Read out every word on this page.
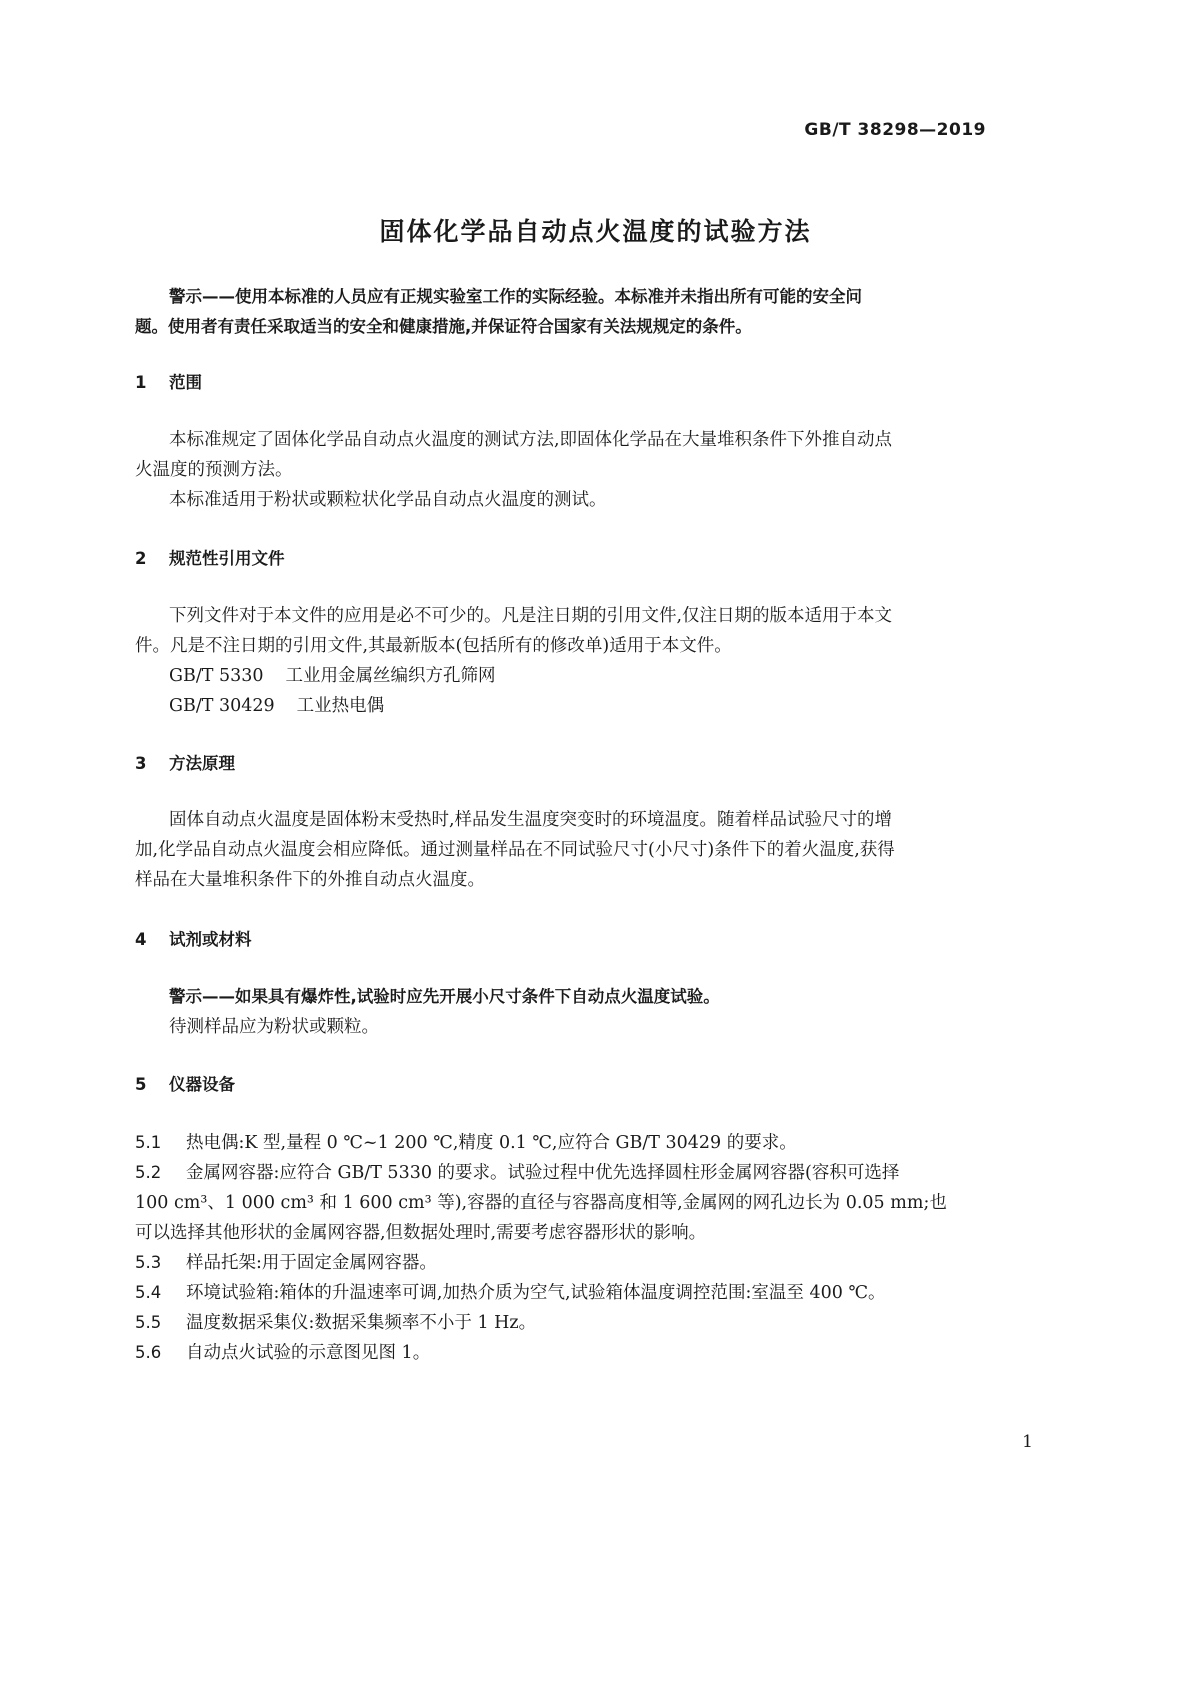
GB/T 38298—2019
固体化学品自动点火温度的试验方法

警示——使用本标准的人员应有正规实验室工作的实际经验。本标准并未指出所有可能的安全问

题。使用者有责任采取适当的安全和健康措施,并保证符合国家有关法规规定的条件。

1 范围

本标准规定了固体化学品自动点火温度的测试方法,即固体化学品在大量堆积条件下外推自动点

火温度的预测方法。

本标准适用于粉状或颗粒状化学品自动点火温度的测试。

2 规范性引用文件

下列文件对于本文件的应用是必不可少的。凡是注日期的引用文件,仅注日期的版本适用于本文

件。凡是不注日期的引用文件,其最新版本(包括所有的修改单)适用于本文件。

GB/T 5330 工业用金属丝编织方孔筛网

GB/T 30429 工业热电偶

3 方法原理

固体自动点火温度是固体粉末受热时,样品发生温度突变时的环境温度。随着样品试验尺寸的增

加,化学品自动点火温度会相应降低。通过测量样品在不同试验尺寸(小尺寸)条件下的着火温度,获得

样品在大量堆积条件下的外推自动点火温度。

4 试剂或材料

警示——如果具有爆炸性,试验时应先开展小尺寸条件下自动点火温度试验。

待测样品应为粉状或颗粒。

5 仪器设备

5.1 热电偶:K 型,量程 0 ℃~1 200 ℃,精度 0.1 ℃,应符合 GB/T 30429 的要求。

5.2 金属网容器:应符合 GB/T 5330 的要求。试验过程中优先选择圆柱形金属网容器(容积可选择

100 cm³、1 000 cm³ 和 1 600 cm³ 等),容器的直径与容器高度相等,金属网的网孔边长为 0.05 mm;也

可以选择其他形状的金属网容器,但数据处理时,需要考虑容器形状的影响。

5.3 样品托架:用于固定金属网容器。

5.4 环境试验箱:箱体的升温速率可调,加热介质为空气,试验箱体温度调控范围:室温至 400 ℃。

5.5 温度数据采集仪:数据采集频率不小于 1 Hz。

5.6 自动点火试验的示意图见图 1。

1
